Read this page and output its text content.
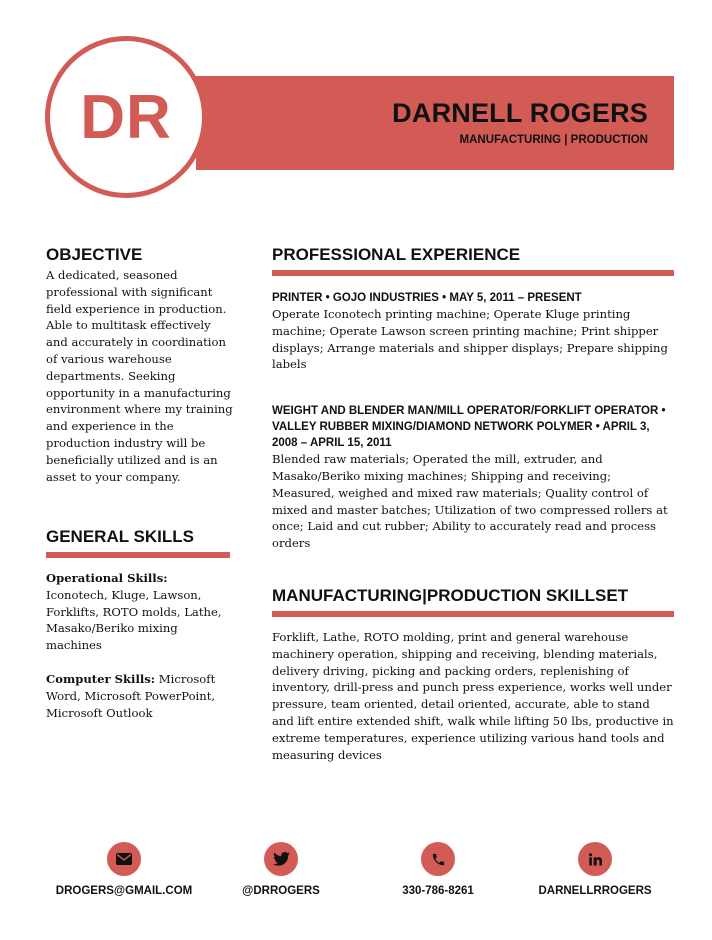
DARNELL ROGERS
MANUFACTURING | PRODUCTION
DR
OBJECTIVE
A dedicated, seasoned professional with significant field experience in production. Able to multitask effectively and accurately in coordination of various warehouse departments. Seeking opportunity in a manufacturing environment where my training and experience in the production industry will be beneficially utilized and is an asset to your company.
GENERAL SKILLS
Operational Skills:
Iconotech, Kluge, Lawson, Forklifts, ROTO molds, Lathe, Masako/Beriko mixing machines
Computer Skills: Microsoft Word, Microsoft PowerPoint, Microsoft Outlook
PROFESSIONAL EXPERIENCE
PRINTER • GOJO INDUSTRIES • MAY 5, 2011 – PRESENT
Operate Iconotech printing machine; Operate Kluge printing machine; Operate Lawson screen printing machine; Print shipper displays; Arrange materials and shipper displays; Prepare shipping labels
WEIGHT AND BLENDER MAN/MILL OPERATOR/FORKLIFT OPERATOR • VALLEY RUBBER MIXING/DIAMOND NETWORK POLYMER • APRIL 3, 2008 – APRIL 15, 2011
Blended raw materials; Operated the mill, extruder, and Masako/Beriko mixing machines; Shipping and receiving; Measured, weighed and mixed raw materials; Quality control of mixed and master batches; Utilization of two compressed rollers at once; Laid and cut rubber; Ability to accurately read and process orders
MANUFACTURING|PRODUCTION SKILLSET
Forklift, Lathe, ROTO molding, print and general warehouse machinery operation, shipping and receiving, blending materials, delivery driving, picking and packing orders, replenishing of inventory, drill-press and punch press experience, works well under pressure, team oriented, detail oriented, accurate, able to stand and lift entire extended shift, walk while lifting 50 lbs, productive in extreme temperatures, experience utilizing various hand tools and measuring devices
DROGERS@GMAIL.COM	@DRROGERS	330-786-8261	DARNELLRROGERS
